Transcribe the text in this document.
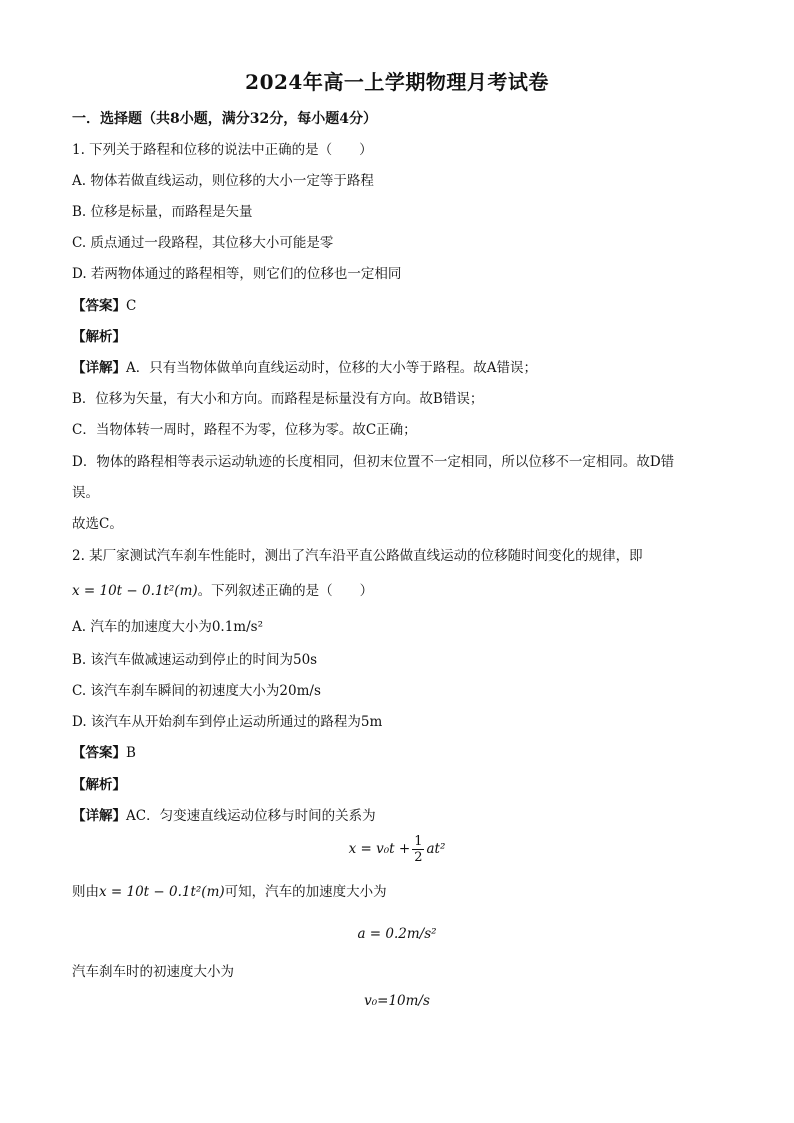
2024年高一上学期物理月考试卷
一．选择题（共8小题，满分32分，每小题4分）
1. 下列关于路程和位移的说法中正确的是（　　）
A. 物体若做直线运动，则位移的大小一定等于路程
B. 位移是标量，而路程是矢量
C. 质点通过一段路程，其位移大小可能是零
D. 若两物体通过的路程相等，则它们的位移也一定相同
【答案】C
【解析】
【详解】A．只有当物体做单向直线运动时，位移的大小等于路程。故A错误；
B．位移为矢量，有大小和方向。而路程是标量没有方向。故B错误；
C．当物体转一周时，路程不为零，位移为零。故C正确；
D．物体的路程相等表示运动轨迹的长度相同，但初末位置不一定相同，所以位移不一定相同。故D错
误。
故选C。
2. 某厂家测试汽车刹车性能时，测出了汽车沿平直公路做直线运动的位移随时间变化的规律，即
x = 10t − 0.1t²(m)。下列叙述正确的是（　　）
A. 汽车的加速度大小为0.1m/s²
B. 该汽车做减速运动到停止的时间为50s
C. 该汽车刹车瞬间的初速度大小为20m/s
D. 该汽车从开始刹车到停止运动所通过的路程为5m
【答案】B
【解析】
【详解】AC．匀变速直线运动位移与时间的关系为
$x = v_0t + \frac{1}{2} at^2$
则由x = 10t − 0.1t²(m)可知，汽车的加速度大小为
a = 0.2m/s²
汽车刹车时的初速度大小为
v₀=10m/s
